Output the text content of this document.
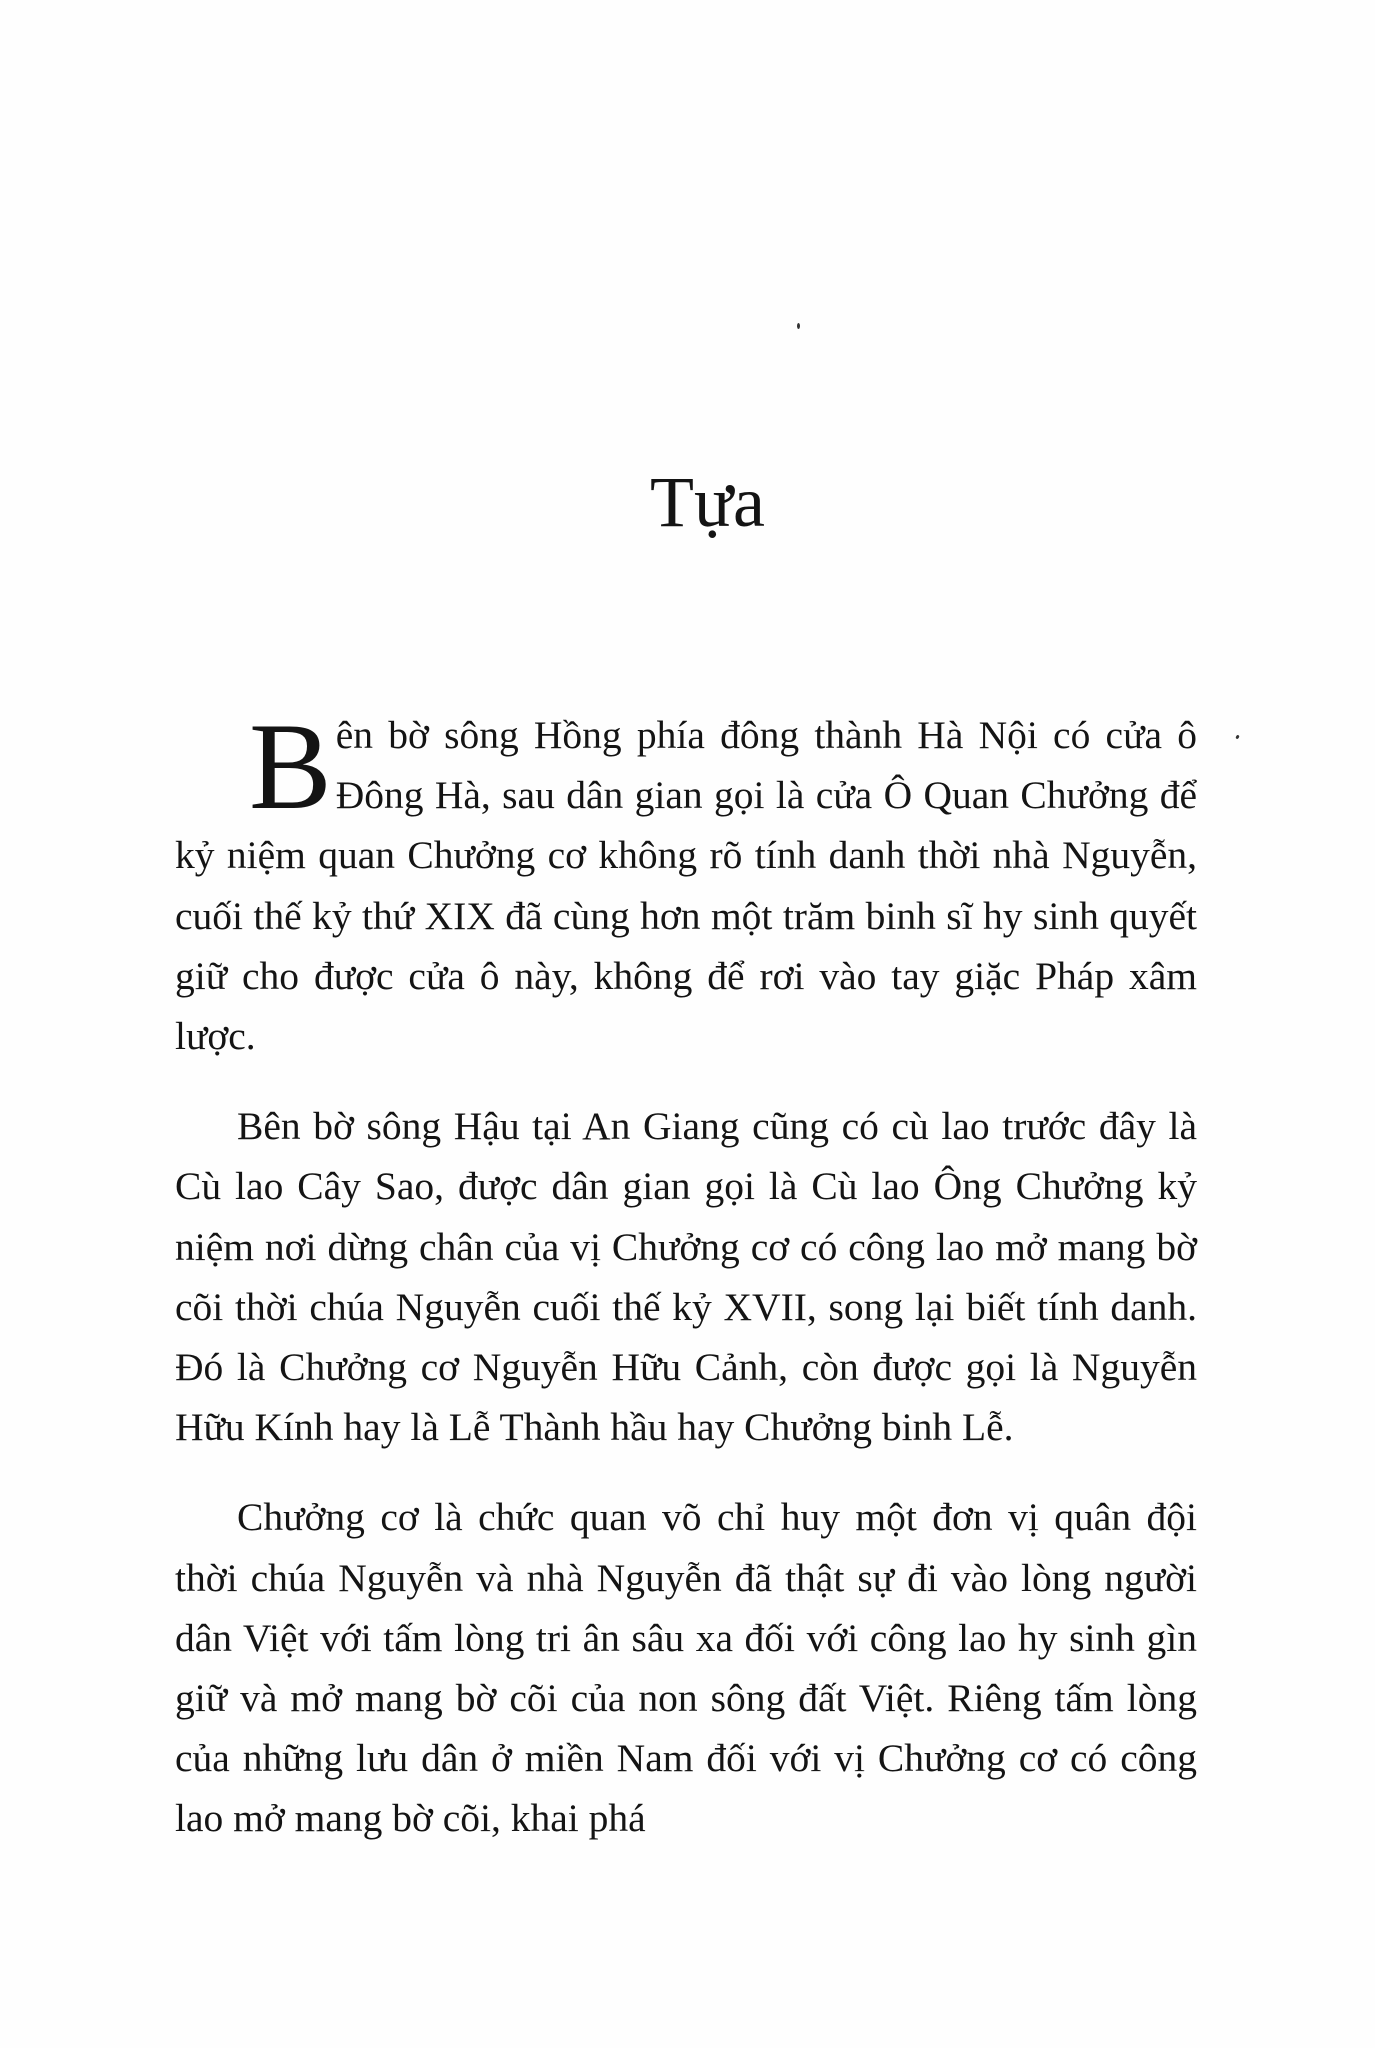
Tựa

Bên bờ sông Hồng phía đông thành Hà Nội có cửa ô Đông Hà, sau dân gian gọi là cửa Ô Quan Chưởng để kỷ niệm quan Chưởng cơ không rõ tính danh thời nhà Nguyễn, cuối thế kỷ thứ XIX đã cùng hơn một trăm binh sĩ hy sinh quyết giữ cho được cửa ô này, không để rơi vào tay giặc Pháp xâm lược.

Bên bờ sông Hậu tại An Giang cũng có cù lao trước đây là Cù lao Cây Sao, được dân gian gọi là Cù lao Ông Chưởng kỷ niệm nơi dừng chân của vị Chưởng cơ có công lao mở mang bờ cõi thời chúa Nguyễn cuối thế kỷ XVII, song lại biết tính danh. Đó là Chưởng cơ Nguyễn Hữu Cảnh, còn được gọi là Nguyễn Hữu Kính hay là Lễ Thành hầu hay Chưởng binh Lễ.

Chưởng cơ là chức quan võ chỉ huy một đơn vị quân đội thời chúa Nguyễn và nhà Nguyễn đã thật sự đi vào lòng người dân Việt với tấm lòng tri ân sâu xa đối với công lao hy sinh gìn giữ và mở mang bờ cõi của non sông đất Việt. Riêng tấm lòng của những lưu dân ở miền Nam đối với vị Chưởng cơ có công lao mở mang bờ cõi, khai phá
